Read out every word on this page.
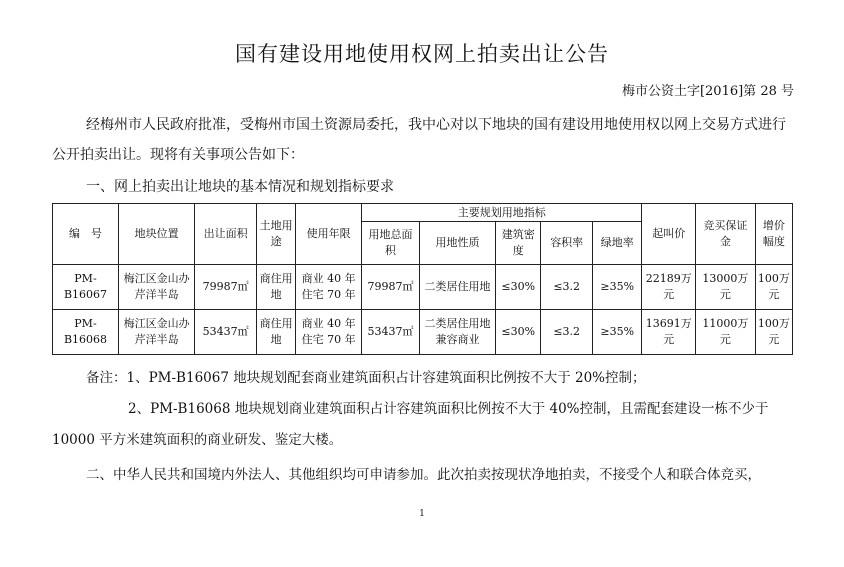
国有建设用地使用权网上拍卖出让公告
梅市公资土字[2016]第 28 号
经梅州市人民政府批准，受梅州市国土资源局委托，我中心对以下地块的国有建设用地使用权以网上交易方式进行公开拍卖出让。现将有关事项公告如下：
一、网上拍卖出让地块的基本情况和规划指标要求
编　号	地块位置	出让面积	土地用途	使用年限	主要规划用地指标					起叫价	竞买保证金	增价幅度
					用地总面积	用地性质	建筑密度	容积率	绿地率			
PM-B16067	梅江区金山办芹洋半岛	79987㎡	商住用地	商业 40 年住宅 70 年	79987㎡	二类居住用地	≤30%	≤3.2	≥35%	22189万元	13000万元	100万元
PM-B16068	梅江区金山办芹洋半岛	53437㎡	商住用地	商业 40 年住宅 70 年	53437㎡	二类居住用地兼容商业	≤30%	≤3.2	≥35%	13691万元	11000万元	100万元
备注：1、PM-B16067 地块规划配套商业建筑面积占计容建筑面积比例按不大于 20%控制；
2、PM-B16068 地块规划商业建筑面积占计容建筑面积比例按不大于 40%控制，且需配套建设一栋不少于 10000 平方米建筑面积的商业研发、鉴定大楼。
二、中华人民共和国境内外法人、其他组织均可申请参加。此次拍卖按现状净地拍卖，不接受个人和联合体竞买，
1
